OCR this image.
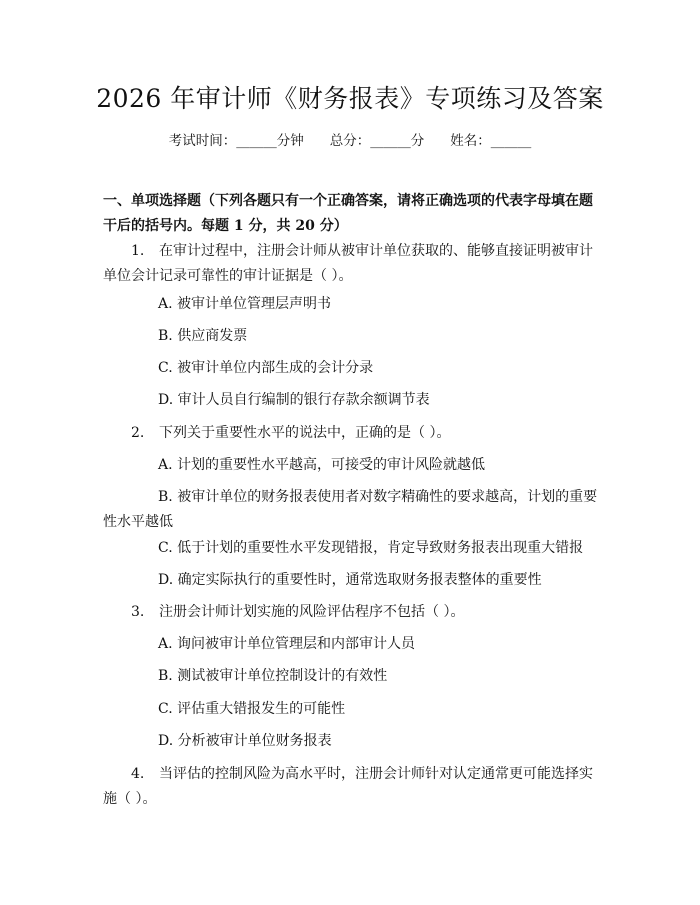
2026 年审计师《财务报表》专项练习及答案
考试时间：______分钟 总分：______分 姓名：______
一、单项选择题（下列各题只有一个正确答案，请将正确选项的代表字母填在题干后的括号内。每题 1 分，共 20 分）
1. 在审计过程中，注册会计师从被审计单位获取的、能够直接证明被审计单位会计记录可靠性的审计证据是（ ）。
A. 被审计单位管理层声明书
B. 供应商发票
C. 被审计单位内部生成的会计分录
D. 审计人员自行编制的银行存款余额调节表
2. 下列关于重要性水平的说法中，正确的是（ ）。
A. 计划的重要性水平越高，可接受的审计风险就越低
B. 被审计单位的财务报表使用者对数字精确性的要求越高，计划的重要性水平越低
C. 低于计划的重要性水平发现错报，肯定导致财务报表出现重大错报
D. 确定实际执行的重要性时，通常选取财务报表整体的重要性
3. 注册会计师计划实施的风险评估程序不包括（ ）。
A. 询问被审计单位管理层和内部审计人员
B. 测试被审计单位控制设计的有效性
C. 评估重大错报发生的可能性
D. 分析被审计单位财务报表
4. 当评估的控制风险为高水平时，注册会计师针对认定通常更可能选择实施（ ）。
